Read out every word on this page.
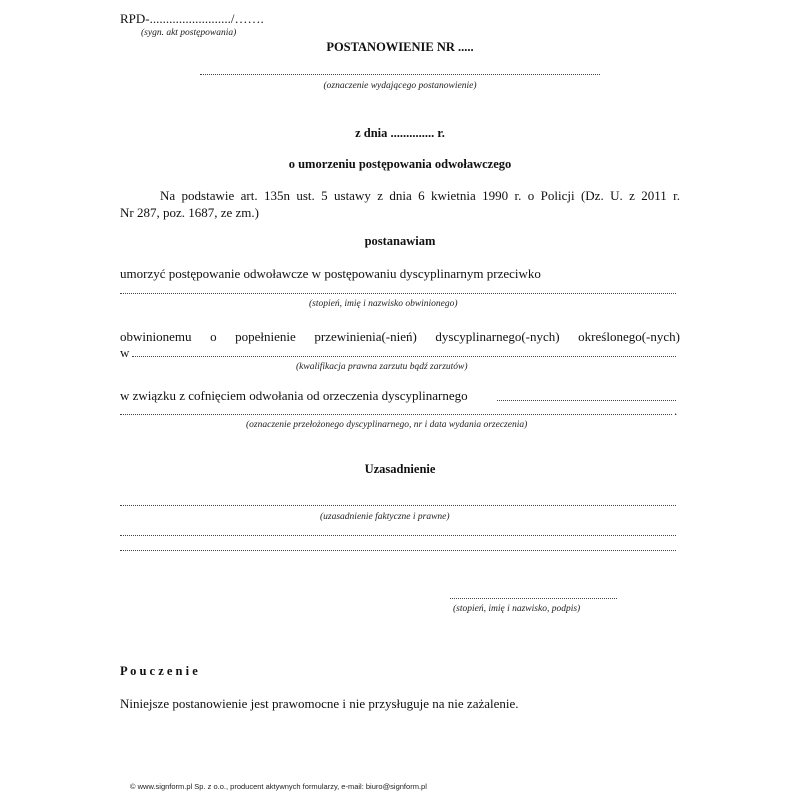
RPD-........................./…….
(sygn. akt postępowania)
POSTANOWIENIE NR .....
(oznaczenie wydającego postanowienie)
z dnia .............. r.
o umorzeniu postępowania odwoławczego
Na podstawie art. 135n ust. 5 ustawy z dnia 6 kwietnia 1990 r. o Policji (Dz. U. z 2011 r.
Nr 287, poz. 1687, ze zm.)
postanawiam
umorzyć postępowanie odwoławcze w postępowaniu dyscyplinarnym przeciwko
(stopień, imię i nazwisko obwinionego)
obwinionemu o popełnienie przewinienia(-nień) dyscyplinarnego(-nych) określonego(-nych)
w
(kwalifikacja prawna zarzutu bądź zarzutów)
w związku z cofnięciem odwołania od orzeczenia dyscyplinarnego
.
(oznaczenie przełożonego dyscyplinarnego, nr i data wydania orzeczenia)
Uzasadnienie
(uzasadnienie faktyczne i prawne)
(stopień, imię i nazwisko, podpis)
P o u c z e n i e
Niniejsze postanowienie jest prawomocne i nie przysługuje na nie zażalenie.
© www.signform.pl Sp. z o.o., producent aktywnych formularzy, e-mail: biuro@signform.pl
